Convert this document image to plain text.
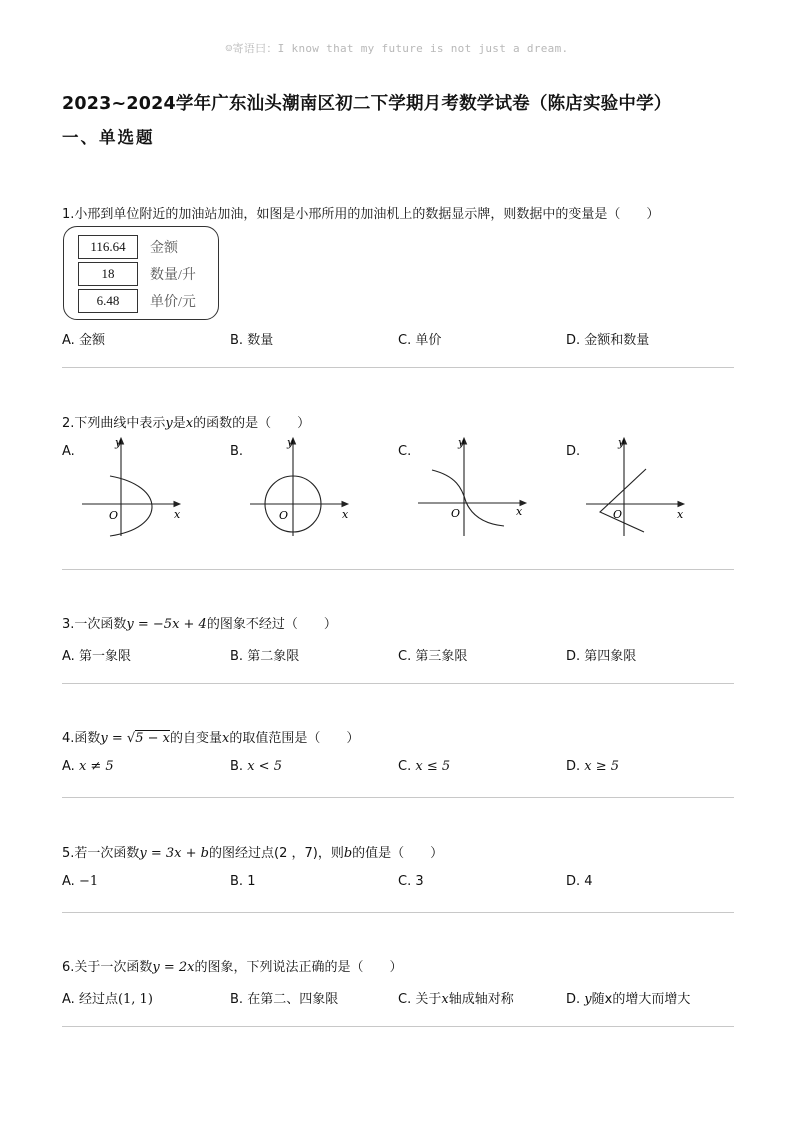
☺寄语曰：I know that my future is not just a dream.
2023~2024学年广东汕头潮南区初二下学期月考数学试卷（陈店实验中学）
一、单选题
1.小邢到单位附近的加油站加油，如图是小邢所用的加油机上的数据显示牌，则数据中的变量是（　　）
116.64	金额
18	数量/升
6.48	单价/元
A. 金额	B. 数量	C. 单价	D. 金额和数量
2.下列曲线中表示y是x的函数的是（　　）
A.	B.	C.	D.
y
x
O
y
x
O
y
x
O
y
x
O
3.一次函数y = −5x + 4的图象不经过（　　）
A. 第一象限	B. 第二象限	C. 第三象限	D. 第四象限
4.函数y = √5 − x的自变量x的取值范围是（　　）
A. x ≠ 5	B. x < 5	C. x ≤ 5	D. x ≥ 5
5.若一次函数y = 3x + b的图经过点(2 ，7)，则b的值是（　　）
A. −1	B. 1	C. 3	D. 4
6.关于一次函数y = 2x的图象，下列说法正确的是（　　）
A. 经过点(1, 1)	B. 在第二、四象限	C. 关于x轴成轴对称	D. y随x的增大而增大
